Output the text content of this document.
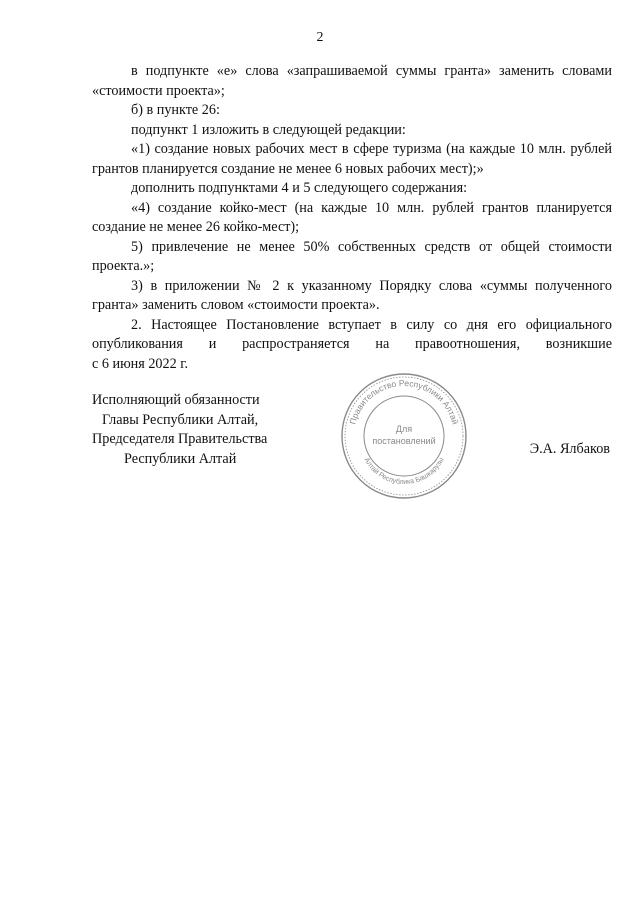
2

в подпункте «е» слова «запрашиваемой суммы гранта» заменить словами «стоимости проекта»;

б) в пункте 26:

подпункт 1 изложить в следующей редакции:

«1) создание новых рабочих мест в сфере туризма (на каждые 10 млн. рублей грантов планируется создание не менее 6 новых рабочих мест);»

дополнить подпунктами 4 и 5 следующего содержания:

«4) создание койко-мест (на каждые 10 млн. рублей грантов планируется создание не менее 26 койко-мест);

5) привлечение не менее 50% собственных средств от общей стоимости проекта.»;

3) в приложении № 2 к указанному Порядку слова «суммы полученного гранта» заменить словом «стоимости проекта».

2. Настоящее Постановление вступает в силу со дня его официального опубликования и распространяется на правоотношения, возникшие

с 6 июня 2022 г.

Исполняющий обязанности
Главы Республики Алтай,
Председателя Правительства
Республики Алтай
Э.А. Ялбаков
Правительство Республики Алтай
Алтай Республика Башкарузы
Для
постановлений
